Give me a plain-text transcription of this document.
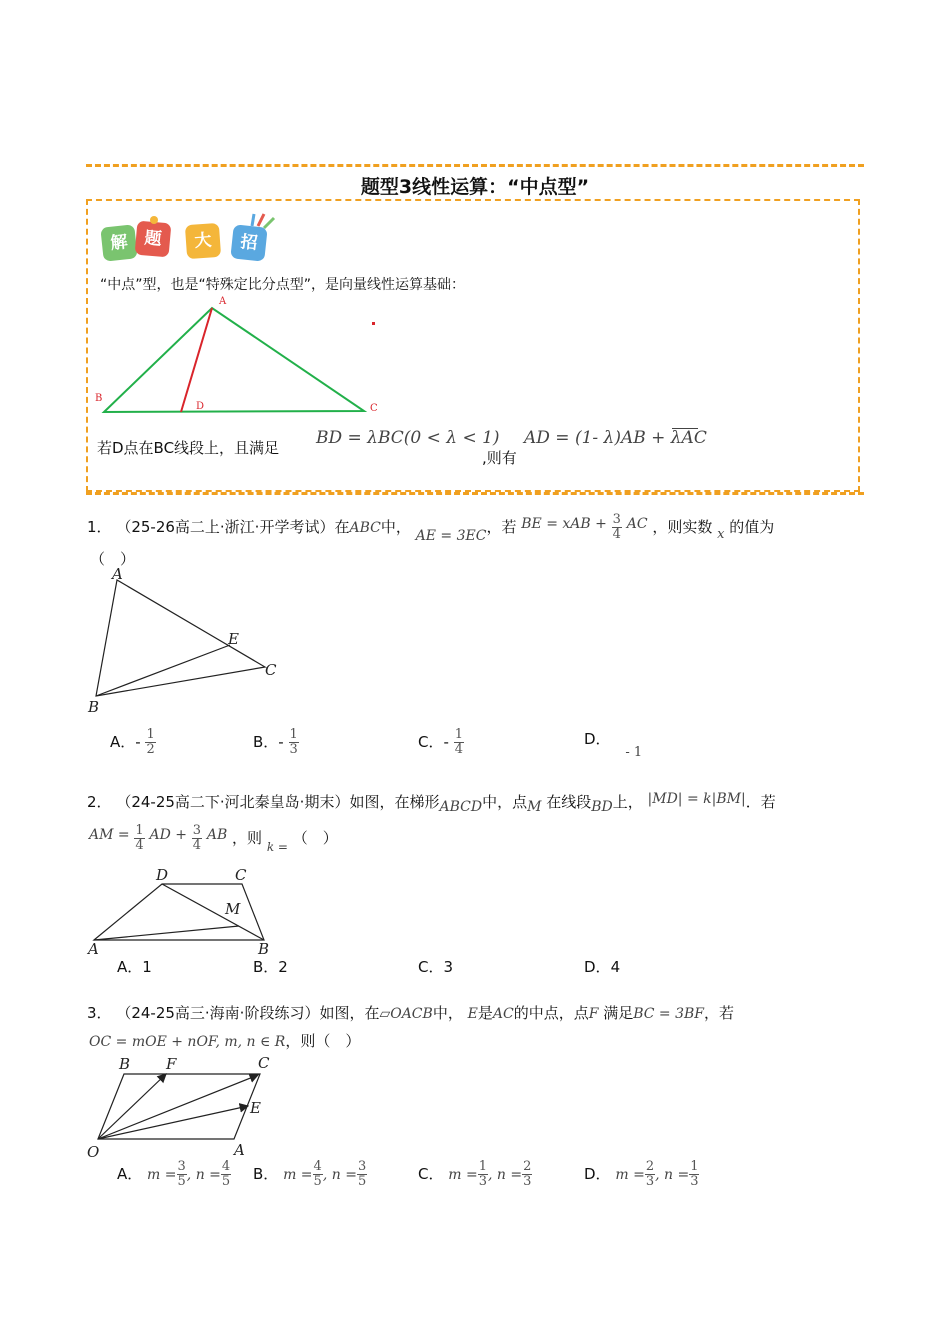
题型3线性运算：“中点型”
解 题	大	招
“中点”型，也是“特殊定比分点型”，是向量线性运算基础：
A
B
C
D
若D点在BC线段上，且满足 BD = λBC(0 < λ < 1)
,则有
AD = (1- λ)AB + λAC
1． （25-26高二上·浙江·开学考试）在ABC中， AE = 3EC，若 BE = xAB + $\frac{3}{4}$ AC ，则实数 x 的值为
（　）
A
B
C
E
A．- $\frac{1}{2}$	B．- $\frac{1}{3}$	C．- $\frac{1}{4}$	D． - 1
2． （24-25高二下·河北秦皇岛·期末）如图，在梯形ABCD中，点M 在线段BD上， |MD| = k|BM|．若
AM = $\frac{1}{4}$ AD + $\frac{3}{4}$ AB ，则 $_{k =}$ （　）
A	B
C
D
M
A．1	B．2	C．3	D．4
3． （24-25高三·海南·阶段练习）如图，在▱OACB中， E是AC的中点，点F 满足BC = 3BF，若
OC = mOE + nOF, m, n ∈ R，则（　）
O	A
B	C
E
F
A． $m = \frac{3}{5}$ , $n = \frac{4}{5}$ B． $m = \frac{4}{5}$ , $n = \frac{3}{5}$	C． $m = \frac{1}{3}$ , $n = \frac{2}{3}$	D． $m = \frac{2}{3}$ , $n = \frac{1}{3}$
